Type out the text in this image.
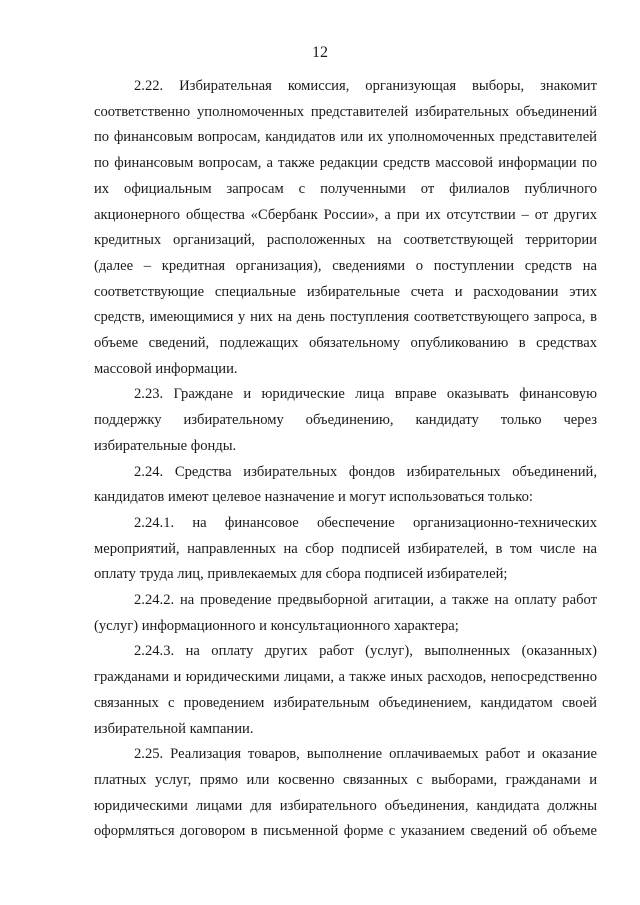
12

2.22. Избирательная комиссия, организующая выборы, знакомит соответственно уполномоченных представителей избирательных объединений по финансовым вопросам, кандидатов или их уполномоченных представителей по финансовым вопросам, а также редакции средств массовой информации по их официальным запросам с полученными от филиалов публичного акционерного общества «Сбербанк России», а при их отсутствии – от других кредитных организаций, расположенных на соответствующей территории (далее – кредитная организация), сведениями о поступлении средств на соответствующие специальные избирательные счета и расходовании этих средств, имеющимися у них на день поступления соответствующего запроса, в объеме сведений, подлежащих обязательному опубликованию в средствах массовой информации.

2.23. Граждане и юридические лица вправе оказывать финансовую поддержку избирательному объединению, кандидату только через избирательные фонды.

2.24. Средства избирательных фондов избирательных объединений, кандидатов имеют целевое назначение и могут использоваться только:

2.24.1. на финансовое обеспечение организационно-технических мероприятий, направленных на сбор подписей избирателей, в том числе на оплату труда лиц, привлекаемых для сбора подписей избирателей;

2.24.2. на проведение предвыборной агитации, а также на оплату работ (услуг) информационного и консультационного характера;

2.24.3. на оплату других работ (услуг), выполненных (оказанных) гражданами и юридическими лицами, а также иных расходов, непосредственно связанных с проведением избирательным объединением, кандидатом своей избирательной кампании.

2.25. Реализация товаров, выполнение оплачиваемых работ и оказание платных услуг, прямо или косвенно связанных с выборами, гражданами и юридическими лицами для избирательного объединения, кандидата должны оформляться договором в письменной форме с указанием сведений об объеме
